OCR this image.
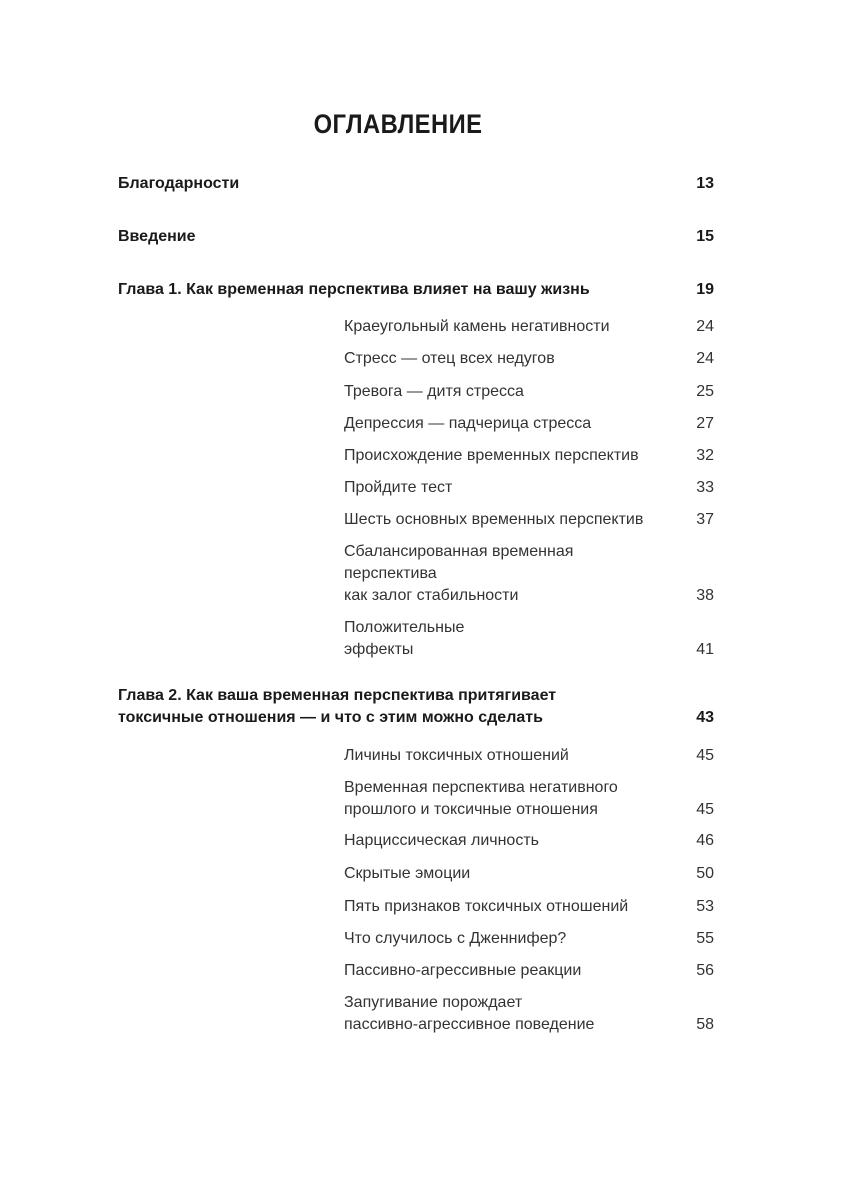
ОГЛАВЛЕНИЕ
Благодарности	13
Введение	15
Глава 1. Как временная перспектива влияет на вашу жизнь	19
Краеугольный камень негативности	24
Стресс — отец всех недугов	24
Тревога — дитя стресса	25
Депрессия — падчерица стресса	27
Происхождение временных перспектив	32
Пройдите тест	33
Шесть основных временных перспектив	37
Сбалансированная временная
перспектива
как залог стабильности	38
Положительные
эффекты	41
Глава 2. Как ваша временная перспектива притягивает
токсичные отношения — и что с этим можно сделать	43
Личины токсичных отношений	45
Временная перспектива негативного
прошлого и токсичные отношения	45
Нарциссическая личность	46
Скрытые эмоции	50
Пять признаков токсичных отношений	53
Что случилось с Дженнифер?	55
Пассивно-агрессивные реакции	56
Запугивание порождает
пассивно-агрессивное поведение	58
